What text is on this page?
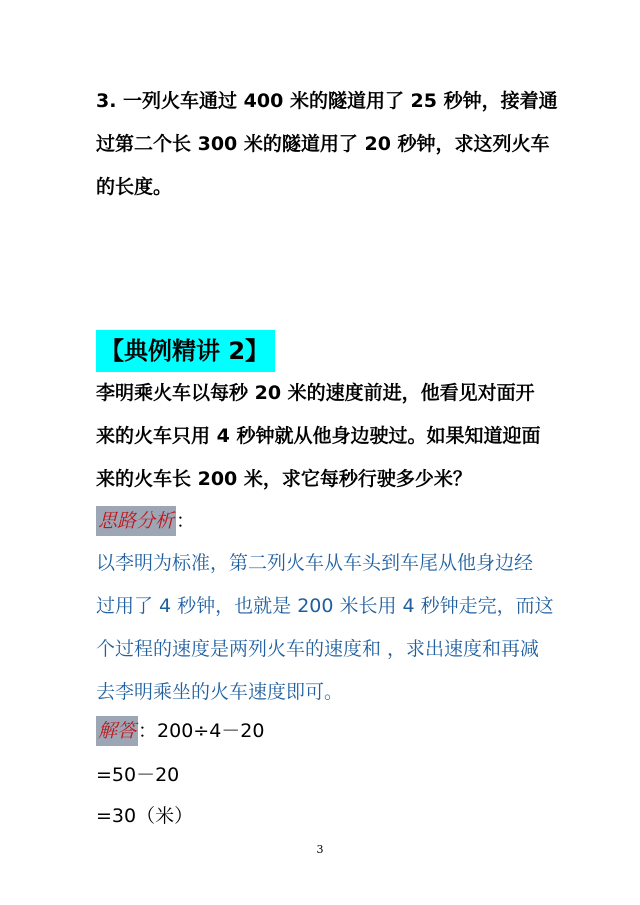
3. 一列火车通过 400 米的隧道用了 25 秒钟，接着通
过第二个长 300 米的隧道用了 20 秒钟，求这列火车
的长度。
【典例精讲 2】
李明乘火车以每秒 20 米的速度前进，他看见对面开
来的火车只用 4 秒钟就从他身边驶过。如果知道迎面
来的火车长 200 米，求它每秒行驶多少米？
思路分析 ：
以李明为标准，第二列火车从车头到车尾从他身边经
过用了 4 秒钟，也就是 200 米长用 4 秒钟走完，而这
个过程的速度是两列火车的速度和 ，求出速度和再减
去李明乘坐的火车速度即可。
解答 ：200÷4－20
=50－20
=30（米）
3
